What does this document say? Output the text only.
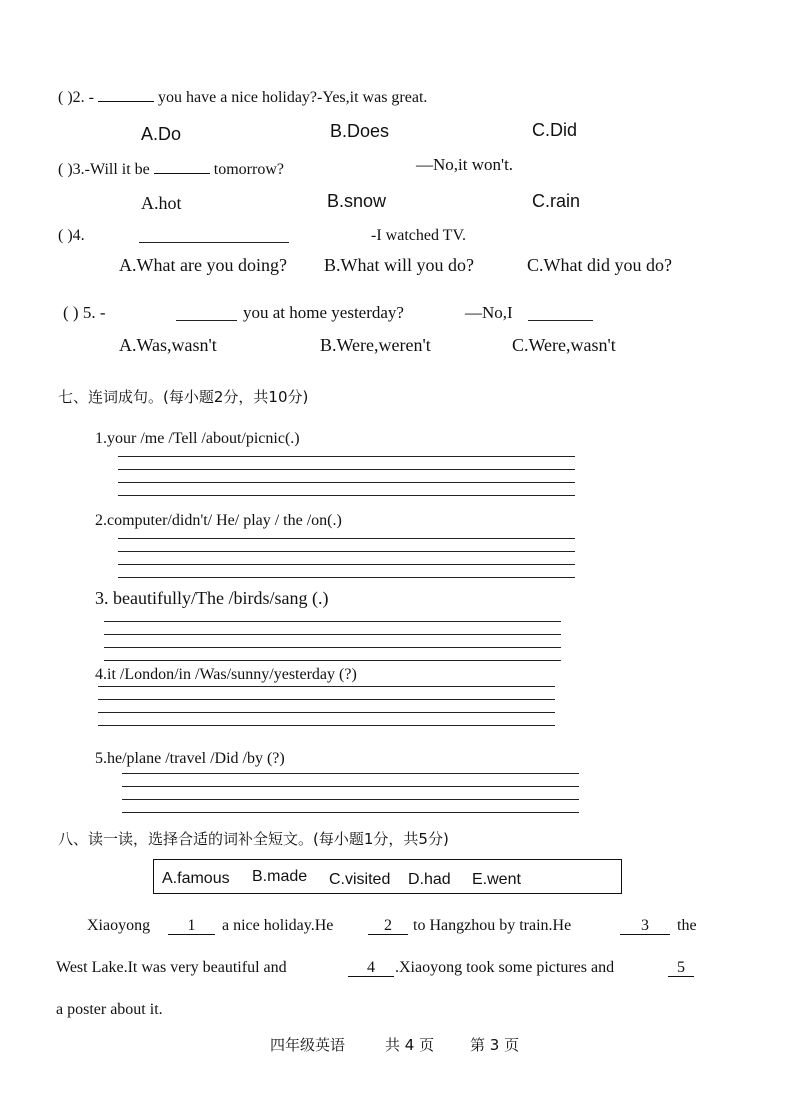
( )2. -	you have a nice holiday?-Yes,it was great.
A.Do	B.Does	C.Did
( )3.-Will it be	tomorrow?	—No,it won't.
A.hot	B.snow	C.rain
( )4.	-I watched TV.
A.What are you doing? B.What will you do?	C.What did you do?
( ) 5. -	you at home yesterday?	—No,I
A.Was,wasn't	B.Were,weren't	C.Were,wasn't
七、连词成句。(每小题2分，共10分)
1.your /me /Tell /about/picnic(.)
2.computer/didn't/ He/ play / the /on(.)
3. beautifully/The /birds/sang (.)
4.it /London/in /Was/sunny/yesterday (?)
5.he/plane /travel /Did /by (?)
八、读一读，选择合适的词补全短文。(每小题1分，共5分)
A.famous B.made C.visited D.had E.went
Xiaoyong	1	a nice holiday.He	2	to Hangzhou by train.He	3	the
West Lake.It was very beautiful and	4	.Xiaoyong took some pictures and	5
a poster about it.
四年级英语	共 4 页 第 3 页
